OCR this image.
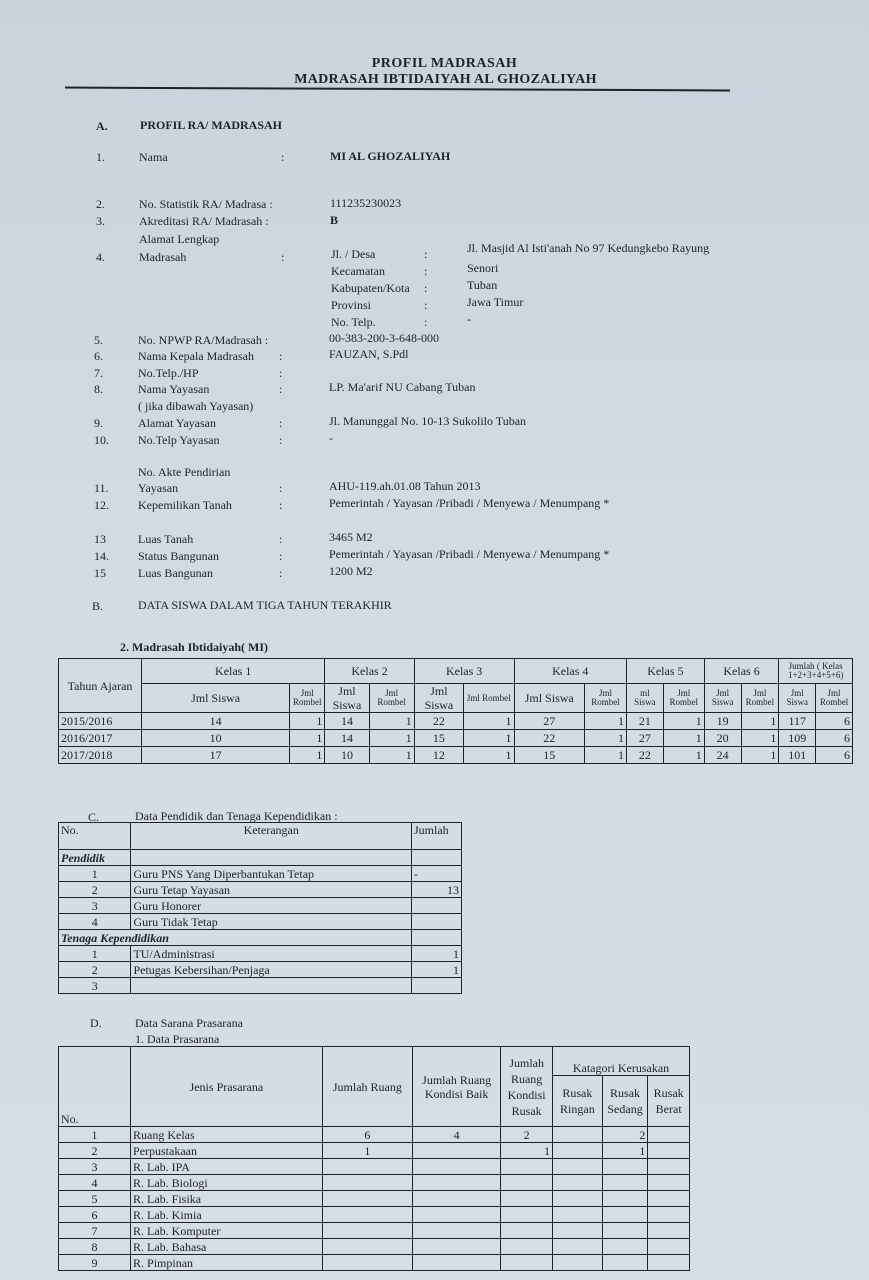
PROFIL MADRASAH
MADRASAH IBTIDAIYAH AL GHOZALIYAH
A.	PROFIL RA/ MADRASAH
1.	Nama	:	MI AL GHOZALIYAH
2.	No. Statistik RA/ Madrasa :	111235230023
3.	Akreditasi RA/ Madrasah :	B
Alamat Lengkap
4.	Madrasah	:	Jl. / Desa	:	Jl. Masjid Al Isti'anah No 97 Kedungkebo Rayung
Kecamatan	:	Senori
Kabupaten/Kota :	Tuban
Provinsi	:	Jawa Timur
No. Telp.	:	-
5.	No. NPWP RA/Madrasah :	00-383-200-3-648-000
6.	Nama Kepala Madrasah :	FAUZAN, S.Pdl
7.	No.Telp./HP	:
8.	Nama Yayasan	:	LP. Ma'arif NU Cabang Tuban
( jika dibawah Yayasan)
9.	Alamat Yayasan	:	Jl. Manunggal No. 10-13 Sukolilo Tuban
10. No.Telp Yayasan	:	-
No. Akte Pendirian
11. Yayasan	:	AHU-119.ah.01.08 Tahun 2013
12. Kepemilikan Tanah	:	Pemerintah / Yayasan /Pribadi / Menyewa / Menumpang *
13	Luas Tanah	:	3465 M2
14. Status Bangunan	:	Pemerintah / Yayasan /Pribadi / Menyewa / Menumpang *
15	Luas Bangunan	:	1200 M2
B.	DATA SISWA DALAM TIGA TAHUN TERAKHIR
2. Madrasah Ibtidaiyah( MI)
Tahun Ajaran	Kelas 1		Kelas 2		Kelas 3		Kelas 4		Kelas 5		Kelas 6		Jumlah ( Kelas 1+2+3+4+5+6)	
	Jml Siswa	Jml Rombel	Jml Siswa	Jml Rombel	Jml Siswa	Jml Rombel	Jml Siswa	Jml Rombel	ml Siswa	Jml Rombel	Jml Siswa	Jml Rombel	Jml Siswa	Jml Rombel
2015/2016	14	1	14	1	22	1	27	1	21	1	19	1	117	6
2016/2017	10	1	14	1	15	1	22	1	27	1	20	1	109	6
2017/2018	17	1	10	1	12	1	15	1	22	1	24	1	101	6
C.	Data Pendidik dan Tenaga Kependidikan :
No.	Keterangan	Jumlah
Pendidik		
1	Guru PNS Yang Diperbantukan Tetap	-
2	Guru Tetap Yayasan	13
3	Guru Honorer	
4	Guru Tidak Tetap	
Tenaga Kependidikan		
1	TU/Administrasi	1
2	Petugas Kebersihan/Penjaga	1
3		
D.	Data Sarana Prasarana
1. Data Prasarana
No.	Jenis Prasarana	Jumlah Ruang	Jumlah Ruang Kondisi Baik	Jumlah Ruang Kondisi Rusak	Katagori Kerusakan		
					Rusak Ringan	Rusak Sedang	Rusak Berat
1	Ruang Kelas	6	4	2		2	
2	Perpustakaan	1		1		1	
3	R. Lab. IPA						
4	R. Lab. Biologi						
5	R. Lab. Fisika						
6	R. Lab. Kimia						
7	R. Lab. Komputer						
8	R. Lab. Bahasa						
9	R. Pimpinan						
